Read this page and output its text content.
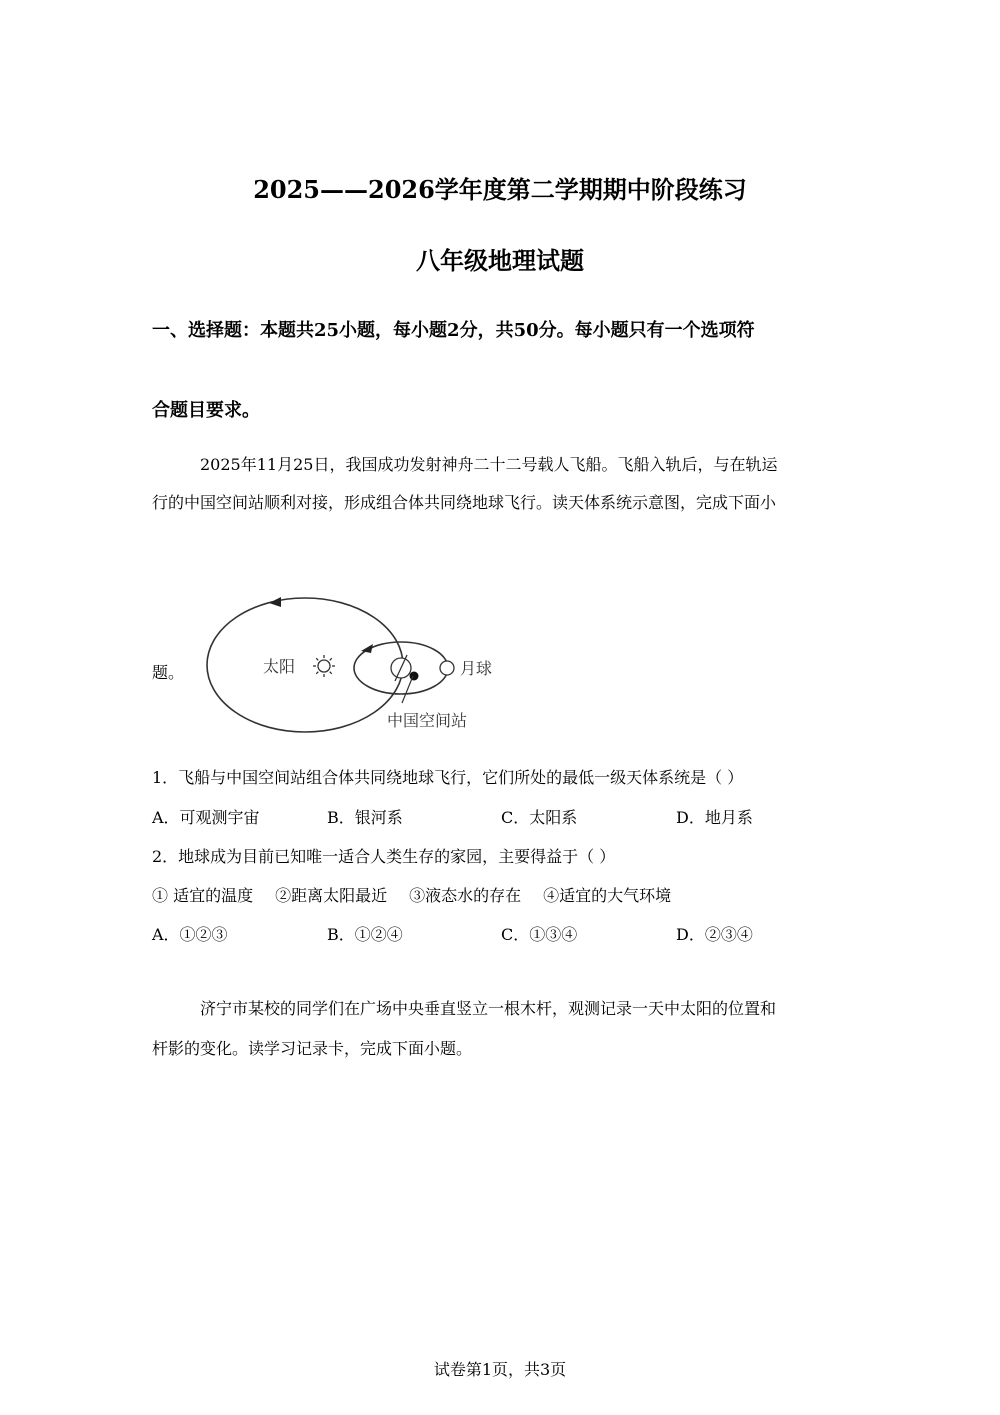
2025——2026学年度第二学期期中阶段练习
八年级地理试题

一、选择题：本题共25小题，每小题2分，共50分。每小题只有一个选项符

合题目要求。

2025年11月25日，我国成功发射神舟二十二号载人飞船。飞船入轨后，与在轨运

行的中国空间站顺利对接，形成组合体共同绕地球飞行。读天体系统示意图，完成下面小

题。	太阳	月球
中国空间站

1．飞船与中国空间站组合体共同绕地球飞行，它们所处的最低一级天体系统是（ ）

A．可观测宇宙	B．银河系	C．太阳系	D．地月系

2．地球成为目前已知唯一适合人类生存的家园，主要得益于（ ）

① 适宜的温度 ②距离太阳最近 ③液态水的存在 ④适宜的大气环境

A．①②③	B．①②④	C．①③④	D．②③④

济宁市某校的同学们在广场中央垂直竖立一根木杆，观测记录一天中太阳的位置和

杆影的变化。读学习记录卡，完成下面小题。

试卷第1页，共3页
